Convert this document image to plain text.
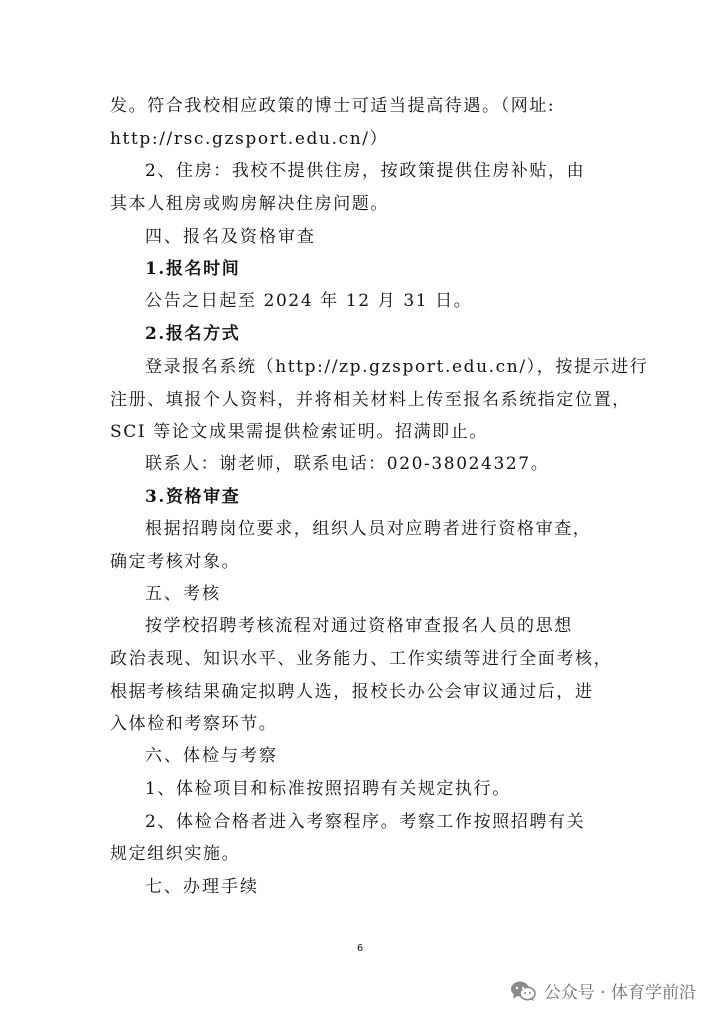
发。符合我校相应政策的博士可适当提高待遇。（网址:
http://rsc.gzsport.edu.cn/）
2、住房：我校不提供住房，按政策提供住房补贴，由
其本人租房或购房解决住房问题。
四、报名及资格审查
1.报名时间
公告之日起至 2024 年 12 月 31 日。
2.报名方式
登录报名系统（http://zp.gzsport.edu.cn/），按提示进行
注册、填报个人资料，并将相关材料上传至报名系统指定位置，
SCI 等论文成果需提供检索证明。招满即止。
联系人：谢老师，联系电话：020-38024327。
3.资格审查
根据招聘岗位要求，组织人员对应聘者进行资格审查，
确定考核对象。
五、考核
按学校招聘考核流程对通过资格审查报名人员的思想
政治表现、知识水平、业务能力、工作实绩等进行全面考核，
根据考核结果确定拟聘人选，报校长办公会审议通过后，进
入体检和考察环节。
六、体检与考察
1、体检项目和标准按照招聘有关规定执行。
2、体检合格者进入考察程序。考察工作按照招聘有关
规定组织实施。
七、办理手续
6
公众号 · 体育学前沿
